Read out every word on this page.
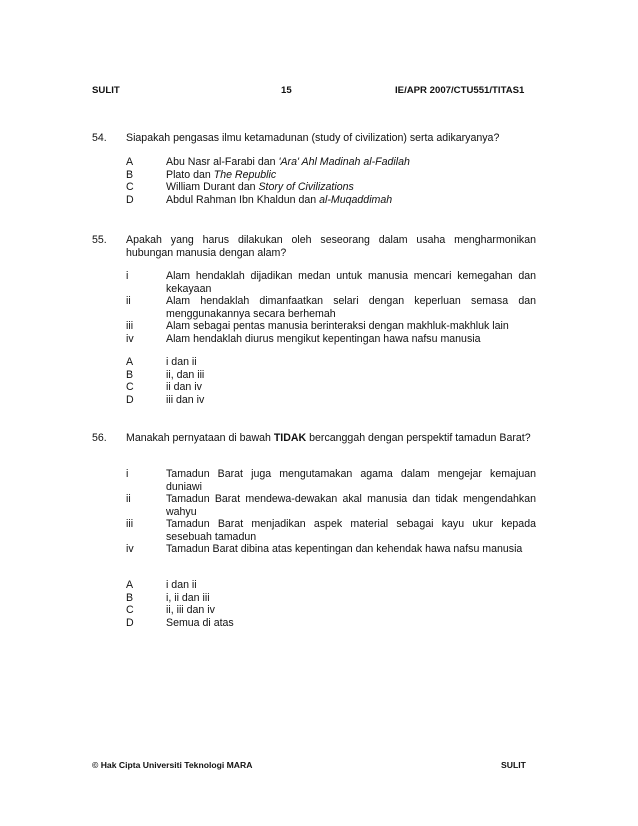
SULIT	15	IE/APR 2007/CTU551/TITAS1
54. Siapakah pengasas ilmu ketamadunan (study of civilization) serta adikaryanya?
A	Abu Nasr al-Farabi dan 'Ara' Ahl Madinah al-Fadilah
B	Plato dan The Republic
C	William Durant dan Story of Civilizations
D	Abdul Rahman Ibn Khaldun dan al-Muqaddimah
55. Apakah yang harus dilakukan oleh seseorang dalam usaha mengharmonikan hubungan manusia dengan alam?
i	Alam hendaklah dijadikan medan untuk manusia mencari kemegahan dan kekayaan
ii	Alam hendaklah dimanfaatkan selari dengan keperluan semasa dan menggunakannya secara berhemah
iii	Alam sebagai pentas manusia berinteraksi dengan makhluk-makhluk lain
iv	Alam hendaklah diurus mengikut kepentingan hawa nafsu manusia
A	i dan ii
B	ii, dan iii
C	ii dan iv
D	iii dan iv
56. Manakah pernyataan di bawah TIDAK bercanggah dengan perspektif tamadun Barat?
i	Tamadun Barat juga mengutamakan agama dalam mengejar kemajuan duniawi
ii	Tamadun Barat mendewa-dewakan akal manusia dan tidak mengendahkan wahyu
iii	Tamadun Barat menjadikan aspek material sebagai kayu ukur kepada sesebuah tamadun
iv	Tamadun Barat dibina atas kepentingan dan kehendak hawa nafsu manusia
A	i dan ii
B	i, ii dan iii
C	ii, iii dan iv
D	Semua di atas
© Hak Cipta Universiti Teknologi MARA	SULIT
